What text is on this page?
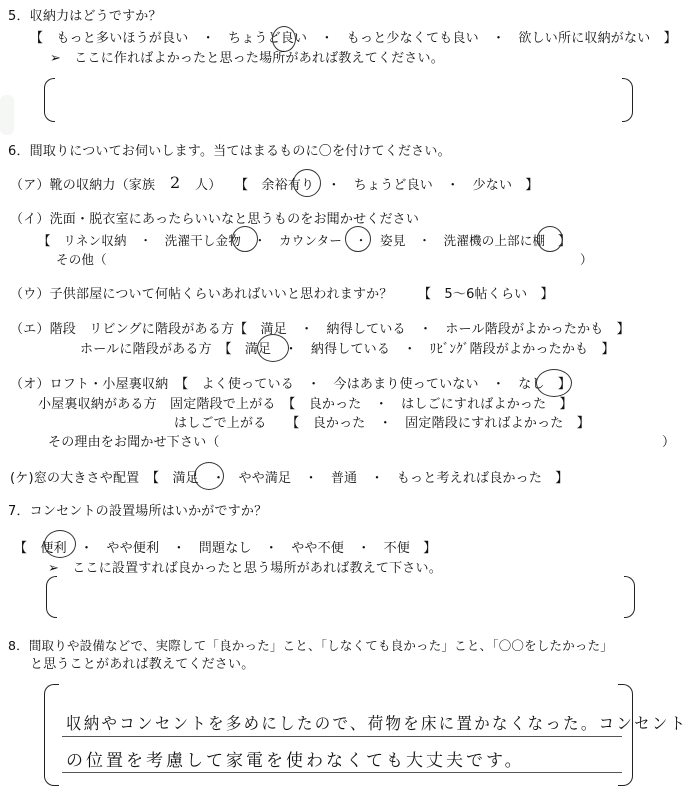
5．収納力はどうですか？
【　もっと多いほうが良い　・　ちょうど良い　・　もっと少なくても良い　・　欲しい所に収納がない　】
➢　ここに作ればよかったと思った場所があれば教えてください。
6．間取りについてお伺いします。当てはまるものに〇を付けてください。
（ア）靴の収納力（家族 2 人） 【　余裕有り　・　ちょうど良い　・　少ない　】
（イ）洗面・脱衣室にあったらいいなと思うものをお聞かせください
【　リネン収納　・　洗濯干し金物　・　カウンター　・　姿見　・　洗濯機の上部に棚　】
その他（	）
（ウ）子供部屋について何帖くらいあればいいと思われますか？ 【　5～6帖くらい　】
（エ）階段　リビングに階段がある方【　満足　・　納得している　・　ホール階段がよかったかも　】
ホールに階段がある方　【　満足　・　納得している　・　ﾘﾋﾞﾝｸﾞ階段がよかったかも　】
（オ）ロフト・小屋裏収納　【　よく使っている　・　今はあまり使っていない　・　なし　】
小屋裏収納がある方　固定階段で上がる　【　良かった　・　はしごにすればよかった　】
はしごで上がる　　【　良かった　・　固定階段にすればよかった　】
その理由をお聞かせ下さい（	）
(ケ)窓の大きさや配置　【　満足　・　やや満足　・　普通　・　もっと考えれば良かった　】
7．コンセントの設置場所はいかがですか？
【　便利　・　やや便利　・　問題なし　・　やや不便　・　不便　】
➢　ここに設置すれば良かったと思う場所があれば教えて下さい。
8．間取りや設備などで、実際して「良かった」こと、「しなくても良かった」こと、「〇〇をしたかった」
と思うことがあれば教えてください。
収納やコンセントを多めにしたので、荷物を床に置かなくなった。コンセント
の位置を考慮して家電を使わなくても大丈夫です。
